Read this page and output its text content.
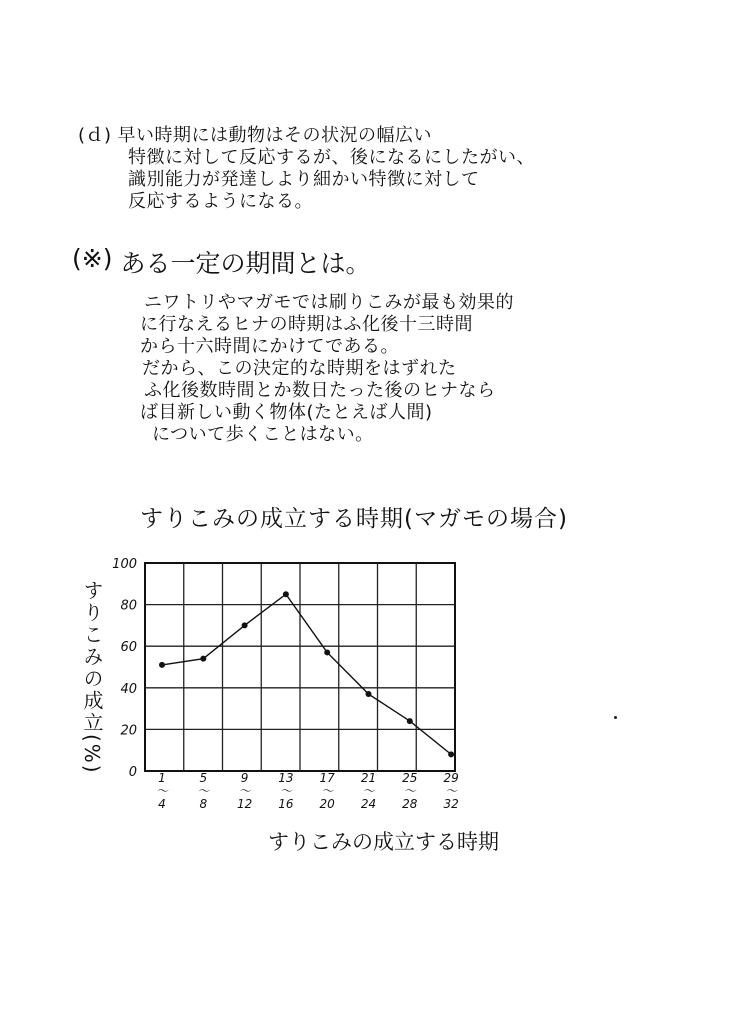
(ｄ) 早い時期には動物はその状況の幅広い
特徴に対して反応するが、後になるにしたがい、
識別能力が発達しより細かい特徴に対して
反応するようになる。
(※) ある一定の期間とは。
ニワトリやマガモでは刷りこみが最も効果的
に行なえるヒナの時期はふ化後十三時間
から十六時間にかけてである。
だから、この決定的な時期をはずれた
ふ化後数時間とか数日たった後のヒナなら
ば目新しい動く物体(たとえば人間)
について歩くことはない。
すりこみの成立する時期(マガモの場合)
すりこみの成立(%)
すりこみの成立する時期
0
20
40
60
80
100
1
〜
4
5
〜
8
9
〜
12
13
〜
16
17
〜
20
21
〜
24
25
〜
28
29
〜
32
